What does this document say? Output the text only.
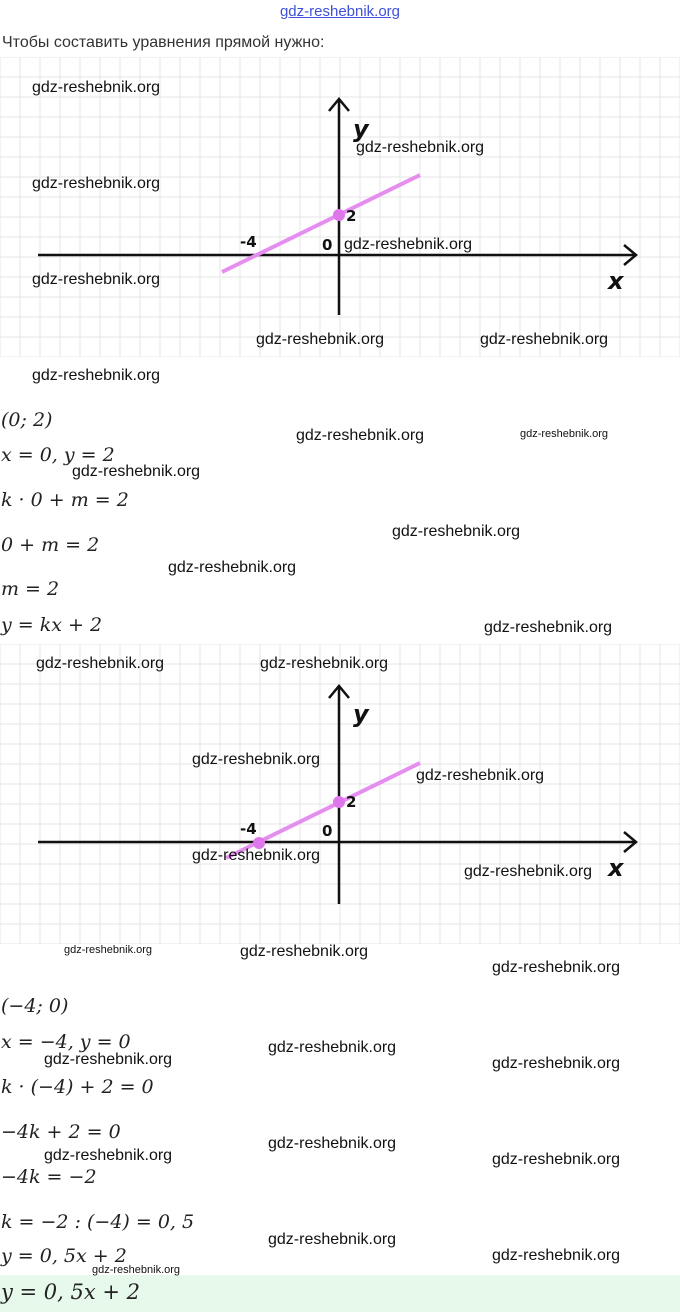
gdz-reshebnik.org
Чтобы составить уравнения прямой нужно:
y
x
0
-4
2
(0; 2)
x = 0, y = 2
k · 0 + m = 2
0 + m = 2
m = 2
y = kx + 2
y
x
0
-4
2
(−4; 0)
x = −4, y = 0
k · (−4) + 2 = 0
−4k + 2 = 0
−4k = −2
k = −2 : (−4) = 0, 5
y = 0, 5x + 2
y = 0, 5x + 2
gdz-reshebnik.org
gdz-reshebnik.org
gdz-reshebnik.org
gdz-reshebnik.org
gdz-reshebnik.org
gdz-reshebnik.org	gdz-reshebnik.org
gdz-reshebnik.org
gdz-reshebnik.org	gdz-reshebnik.org
gdz-reshebnik.org
gdz-reshebnik.org
gdz-reshebnik.org
gdz-reshebnik.org
gdz-reshebnik.org	gdz-reshebnik.org
gdz-reshebnik.org
gdz-reshebnik.org
gdz-reshebnik.org
gdz-reshebnik.org
gdz-reshebnik.org	gdz-reshebnik.org
gdz-reshebnik.org
gdz-reshebnik.org
gdz-reshebnik.org	gdz-reshebnik.org
gdz-reshebnik.org
gdz-reshebnik.org	gdz-reshebnik.org
gdz-reshebnik.org
gdz-reshebnik.org
gdz-reshebnik.org
